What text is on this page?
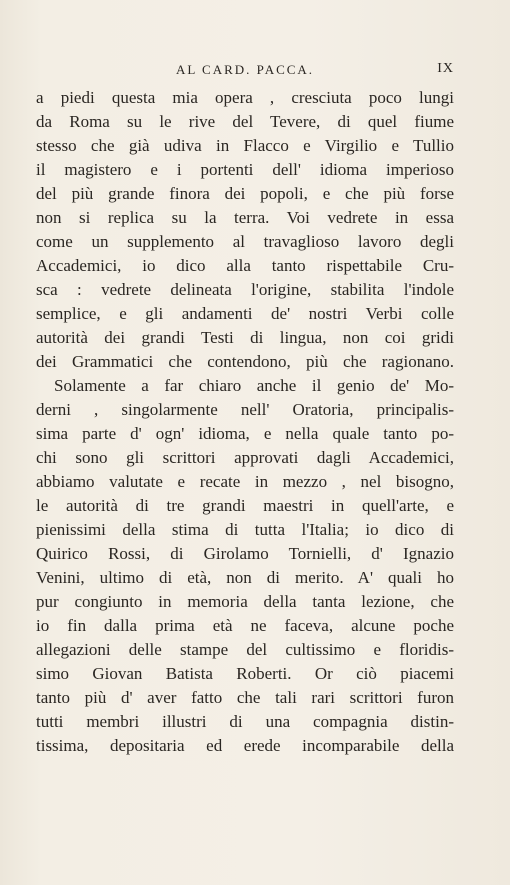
AL CARD. PACCA.	IX
a piedi questa mia opera , cresciuta poco lungi
da Roma su le rive del Tevere, di quel fiume
stesso che già udiva in Flacco e Virgilio e Tullio
il magistero e i portenti dell' idioma imperioso
del più grande finora dei popoli, e che più forse
non si replica su la terra. Voi vedrete in essa
come un supplemento al travaglioso lavoro degli
Accademici, io dico alla tanto rispettabile Cru-
sca : vedrete delineata l'origine, stabilita l'indole
semplice, e gli andamenti de' nostri Verbi colle
autorità dei grandi Testi di lingua, non coi gridi
dei Grammatici che contendono, più che ragionano.
Solamente a far chiaro anche il genio de' Mo-
derni , singolarmente nell' Oratoria, principalis-
sima parte d' ogn' idioma, e nella quale tanto po-
chi sono gli scrittori approvati dagli Accademici,
abbiamo valutate e recate in mezzo , nel bisogno,
le autorità di tre grandi maestri in quell'arte, e
pienissimi della stima di tutta l'Italia; io dico di
Quirico Rossi, di Girolamo Tornielli, d' Ignazio
Venini, ultimo di età, non di merito. A' quali ho
pur congiunto in memoria della tanta lezione, che
io fin dalla prima età ne faceva, alcune poche
allegazioni delle stampe del cultissimo e floridis-
simo Giovan Batista Roberti. Or ciò piacemi
tanto più d' aver fatto che tali rari scrittori furon
tutti membri illustri di una compagnia distin-
tissima, depositaria ed erede incomparabile della
